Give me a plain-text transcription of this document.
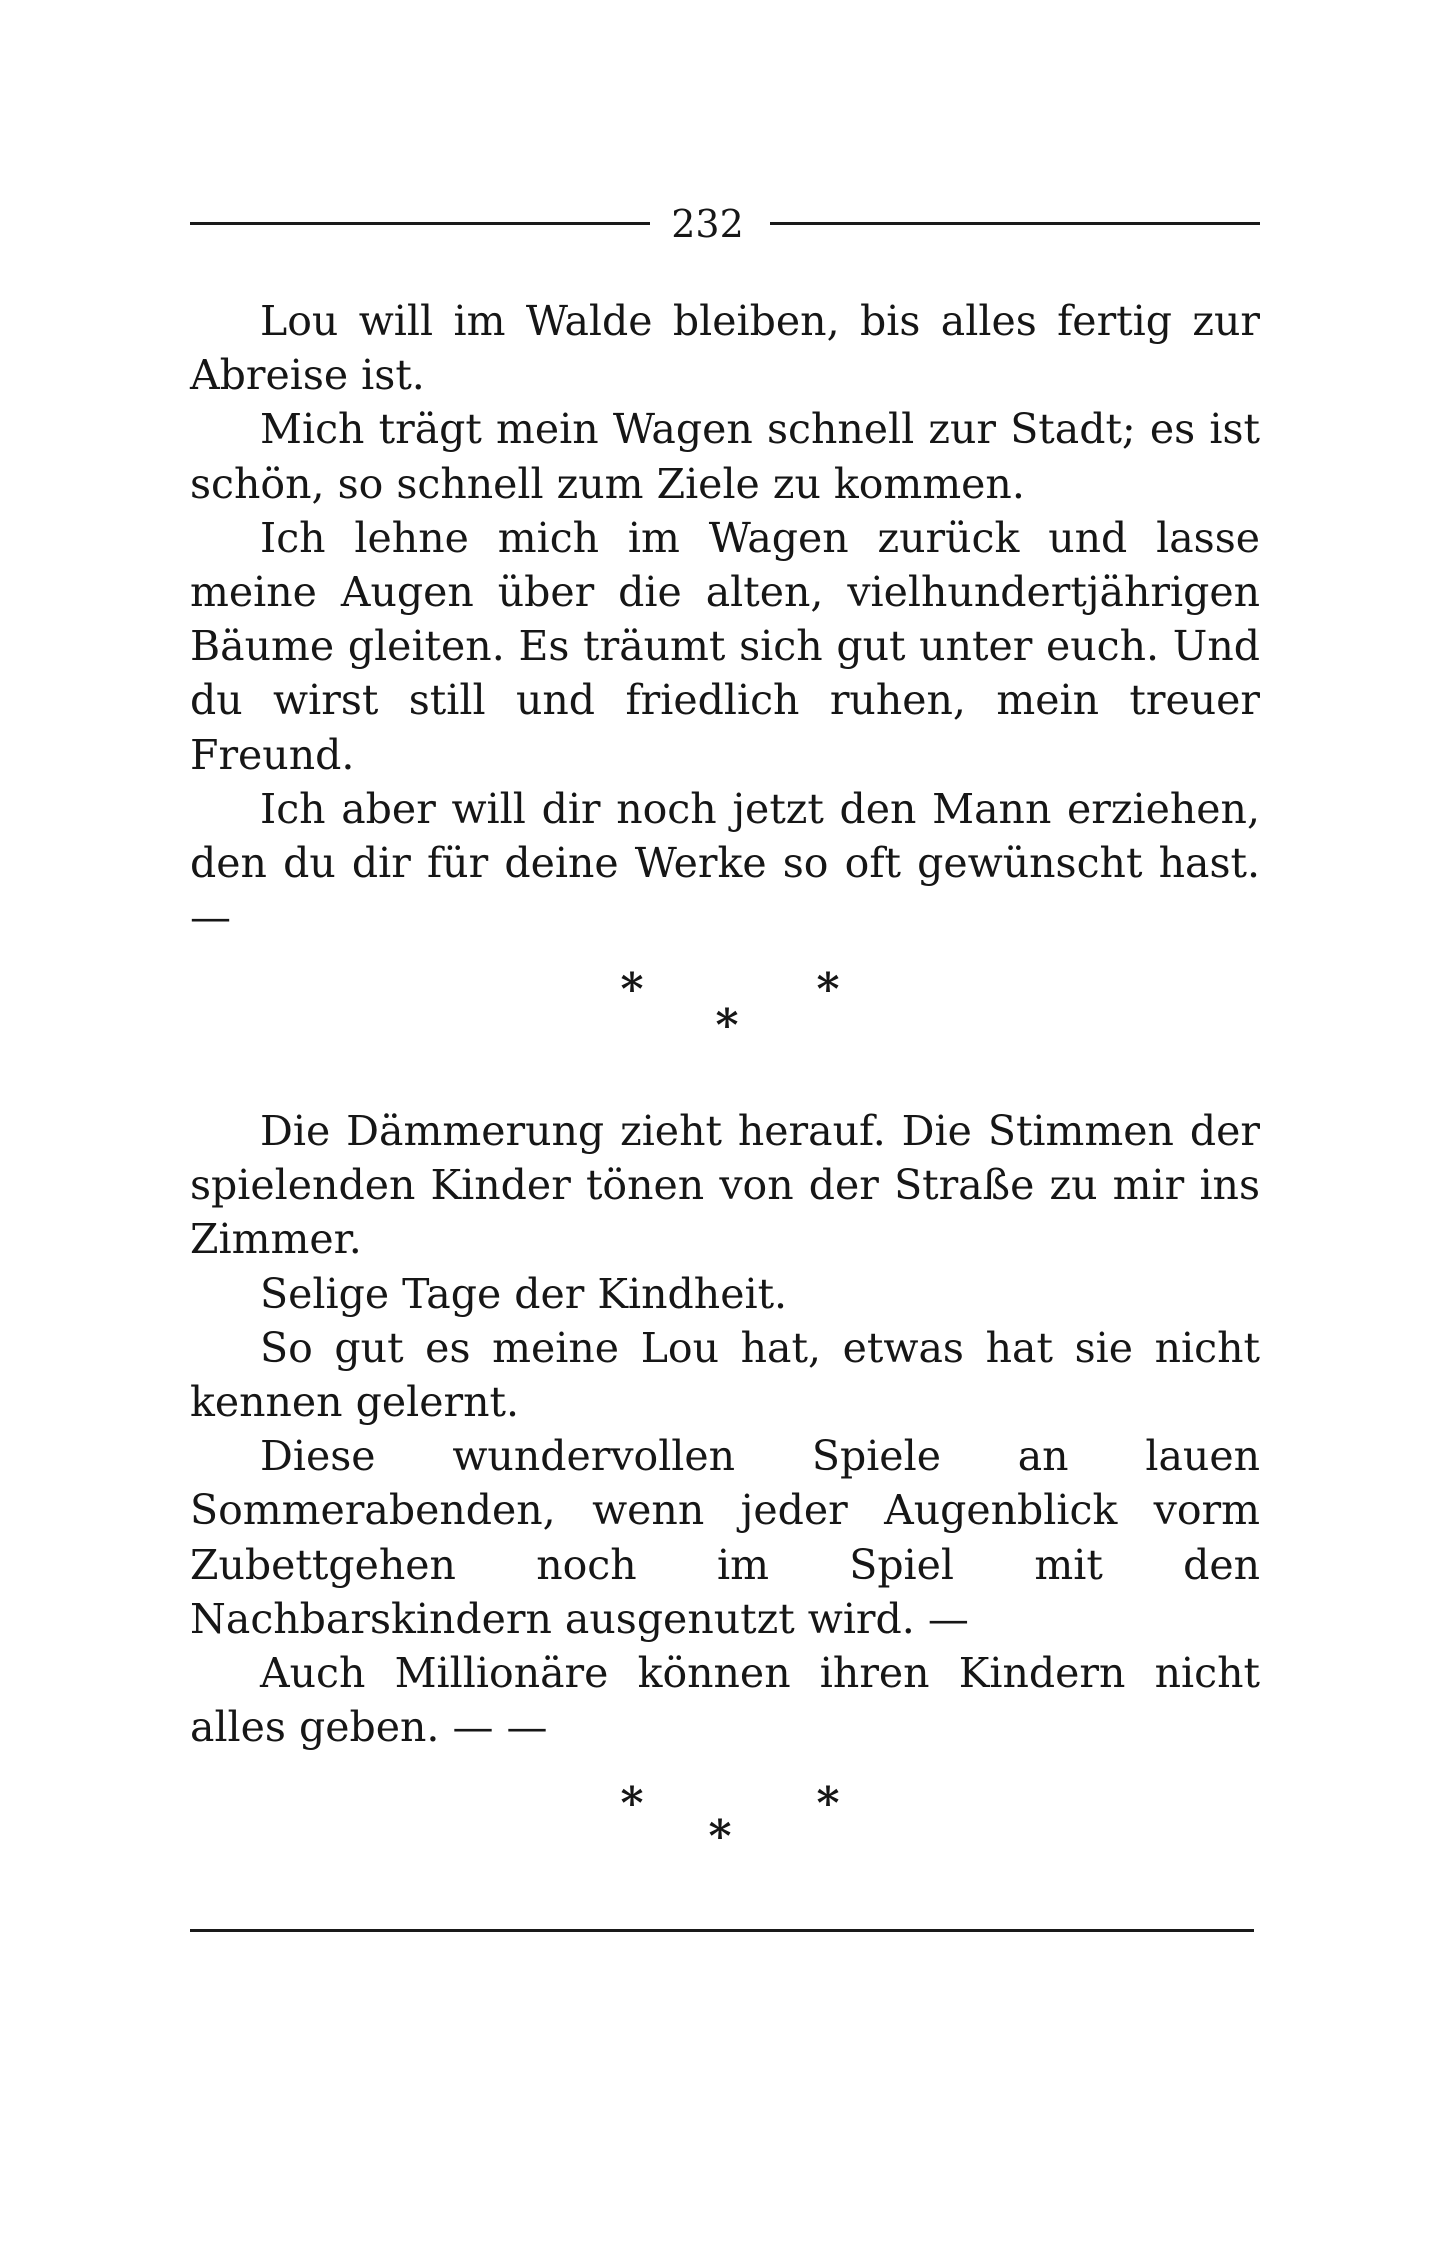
232

Lou will im Walde bleiben, bis alles fertig zur Abreise ist.

Mich trägt mein Wagen schnell zur Stadt; es ist schön, so schnell zum Ziele zu kommen.

Ich lehne mich im Wagen zurück und lasse meine Augen über die alten, vielhundertjährigen Bäume gleiten. Es träumt sich gut unter euch. Und du wirst still und friedlich ruhen, mein treuer Freund.

Ich aber will dir noch jetzt den Mann erziehen, den du dir für deine Werke so oft gewünscht hast. —

*	*
*

Die Dämmerung zieht herauf. Die Stimmen der spielenden Kinder tönen von der Straße zu mir ins Zimmer.

Selige Tage der Kindheit.

So gut es meine Lou hat, etwas hat sie nicht kennen gelernt.

Diese wundervollen Spiele an lauen Sommerabenden, wenn jeder Augenblick vorm Zubettgehen noch im Spiel mit den Nachbarskindern ausgenutzt wird. —

Auch Millionäre können ihren Kindern nicht alles geben. — —

*	*
*
